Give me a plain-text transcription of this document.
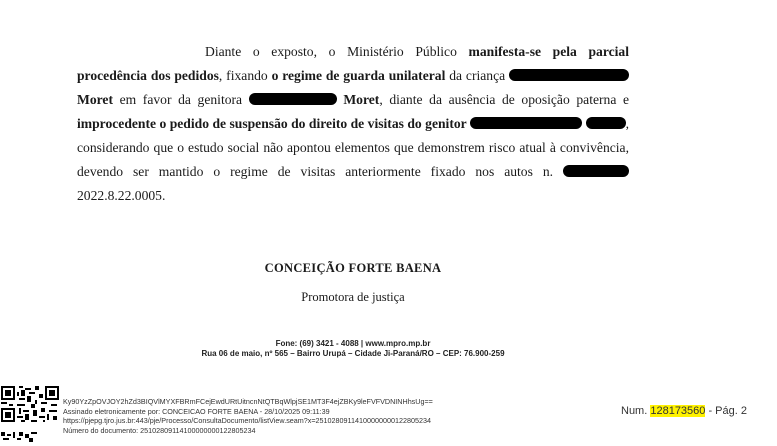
Diante o exposto, o Ministério Público manifesta-se pela parcial procedência dos pedidos, fixando o regime de guarda unilateral da criança  Moret em favor da genitora	Moret, diante da ausência de oposição paterna e improcedente o pedido de suspensão do direito de visitas do genitor	, considerando que o estudo social não apontou elementos que demonstrem risco atual à convivência, devendo ser mantido o regime de visitas anteriormente fixado nos autos n. 2022.8.22.0005.
CONCEIÇÃO FORTE BAENA
Promotora de justiça
Fone: (69) 3421 - 4088 | www.mpro.mp.br
Rua 06 de maio, nº 565 – Bairro Urupá – Cidade Ji-Paraná/RO – CEP: 76.900-259
Ky90YzZpOVJOY2hZd3BIQVlMYXFBRmFCejEwdURtUitncnNtQTBqWlpjSE1MT3F4ejZBKy9leFVFVDNINHhsUg==
Assinado eletronicamente por: CONCEICAO FORTE BAENA - 28/10/2025 09:11:39
https://pjepg.tjro.jus.br:443/pje/Processo/ConsultaDocumento/listView.seam?x=25102809114100000000122805234
Número do documento: 25102809114100000000122805234
Num. 128173560 - Pág. 2
